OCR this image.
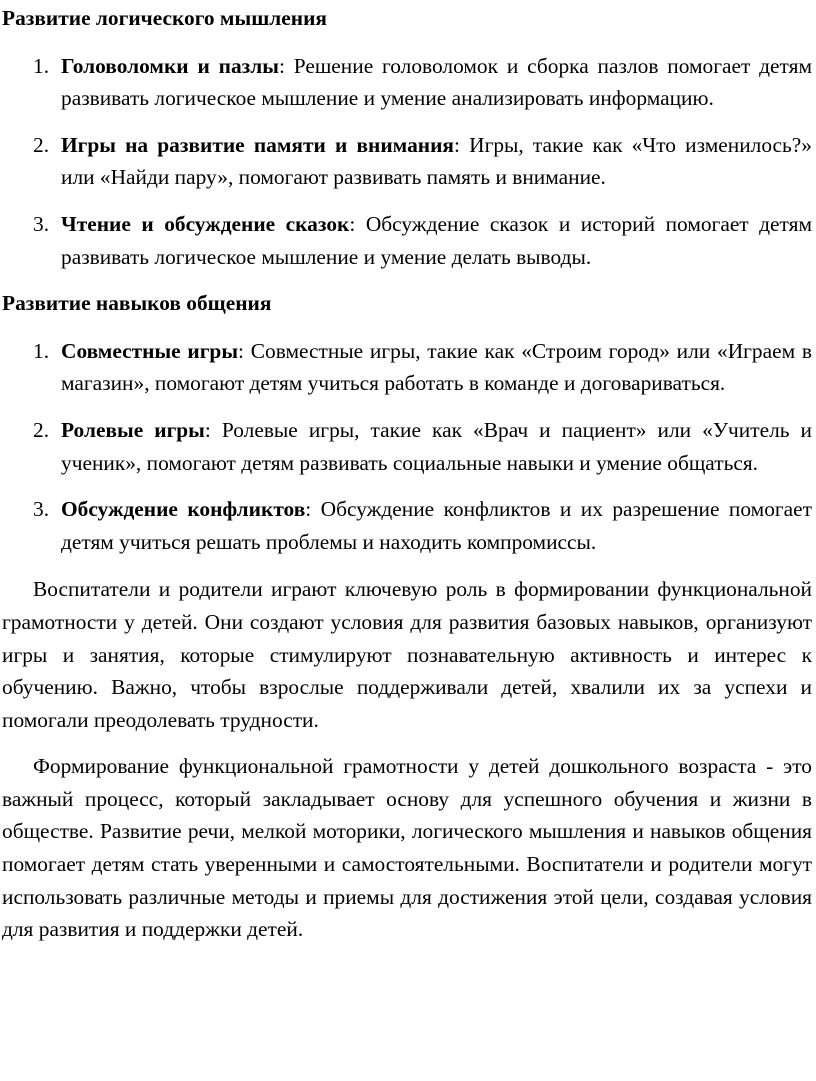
Развитие логического мышления
1. Головоломки и пазлы: Решение головоломок и сборка пазлов помогает детям развивать логическое мышление и умение анализировать информацию.
2. Игры на развитие памяти и внимания: Игры, такие как «Что изменилось?» или «Найди пару», помогают развивать память и внимание.
3. Чтение и обсуждение сказок: Обсуждение сказок и историй помогает детям развивать логическое мышление и умение делать выводы.
Развитие навыков общения
1. Совместные игры: Совместные игры, такие как «Строим город» или «Играем в магазин», помогают детям учиться работать в команде и договариваться.
2. Ролевые игры: Ролевые игры, такие как «Врач и пациент» или «Учитель и ученик», помогают детям развивать социальные навыки и умение общаться.
3. Обсуждение конфликтов: Обсуждение конфликтов и их разрешение помогает детям учиться решать проблемы и находить компромиссы.

Воспитатели и родители играют ключевую роль в формировании функциональной грамотности у детей. Они создают условия для развития базовых навыков, организуют игры и занятия, которые стимулируют познавательную активность и интерес к обучению. Важно, чтобы взрослые поддерживали детей, хвалили их за успехи и помогали преодолевать трудности.

Формирование функциональной грамотности у детей дошкольного возраста - это важный процесс, который закладывает основу для успешного обучения и жизни в обществе. Развитие речи, мелкой моторики, логического мышления и навыков общения помогает детям стать уверенными и самостоятельными. Воспитатели и родители могут использовать различные методы и приемы для достижения этой цели, создавая условия для развития и поддержки детей.
